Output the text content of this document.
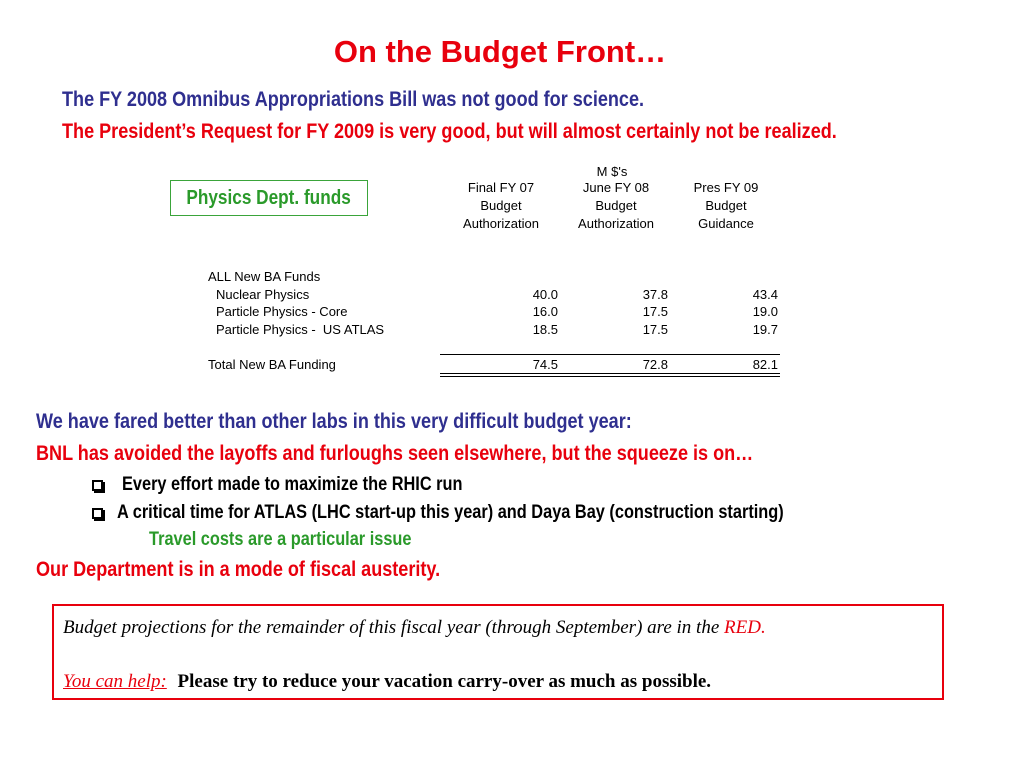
On the Budget Front…
The FY 2008 Omnibus Appropriations Bill was not good for science.
The President’s Request for FY 2009 is very good, but will almost certainly not be realized.
Physics Dept. funds
M $'s
Final FY 07
Budget
Authorization
June FY 08
Budget
Authorization
Pres FY 09
Budget
Guidance
ALL New BA Funds
Nuclear Physics	40.0	37.8	43.4
Particle Physics - Core	16.0	17.5	19.0
Particle Physics -  US ATLAS	18.5	17.5	19.7
Total New BA Funding	74.5	72.8	82.1
We have fared better than other labs in this very difficult budget year:
BNL has avoided the layoffs and furloughs seen elsewhere, but the squeeze is on…
Every effort made to maximize the RHIC run
A critical time for ATLAS (LHC start-up this year) and Daya Bay (construction starting)
Travel costs are a particular issue
Our Department is in a mode of fiscal austerity.
Budget projections for the remainder of this fiscal year (through September) are in the RED.
You can help: Please try to reduce your vacation carry-over as much as possible.
